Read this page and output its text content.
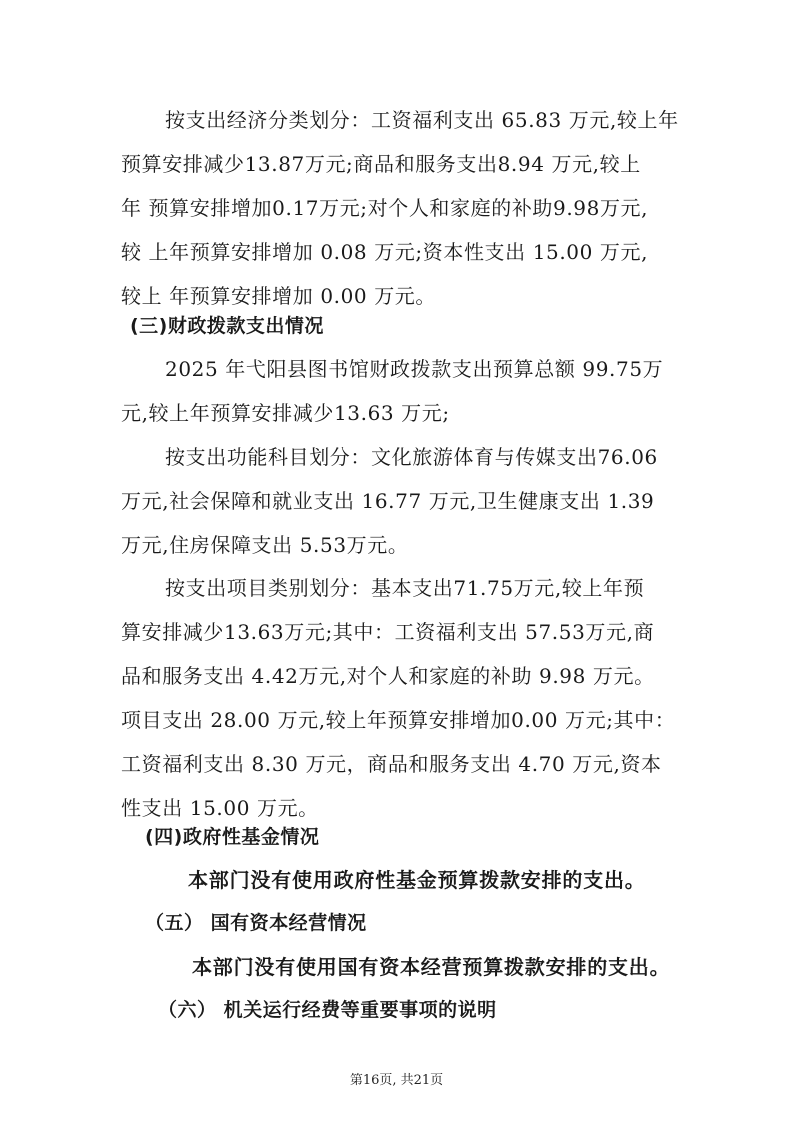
按支出经济分类划分：工资福利支出 65.83 万元,较上年
预算安排减少13.87万元;商品和服务支出8.94 万元,较上
年 预算安排增加0.17万元;对个人和家庭的补助9.98万元,
较 上年预算安排增加 0.08 万元;资本性支出 15.00 万元,
较上 年预算安排增加 0.00 万元。
(三)财政拨款支出情况
2025 年弋阳县图书馆财政拨款支出预算总额 99.75万
元,较上年预算安排减少13.63 万元;
按支出功能科目划分：文化旅游体育与传媒支出76.06
万元,社会保障和就业支出 16.77 万元,卫生健康支出 1.39
万元,住房保障支出 5.53万元。
按支出项目类别划分：基本支出71.75万元,较上年预
算安排减少13.63万元;其中：工资福利支出 57.53万元,商
品和服务支出 4.42万元,对个人和家庭的补助 9.98 万元。
项目支出 28.00 万元,较上年预算安排增加0.00 万元;其中：
工资福利支出 8.30 万元，商品和服务支出 4.70 万元,资本
性支出 15.00 万元。
(四)政府性基金情况
本部门没有使用政府性基金预算拨款安排的支出。
（五） 国有资本经营情况
本部门没有使用国有资本经营预算拨款安排的支出。
（六） 机关运行经费等重要事项的说明
第16页, 共21页
